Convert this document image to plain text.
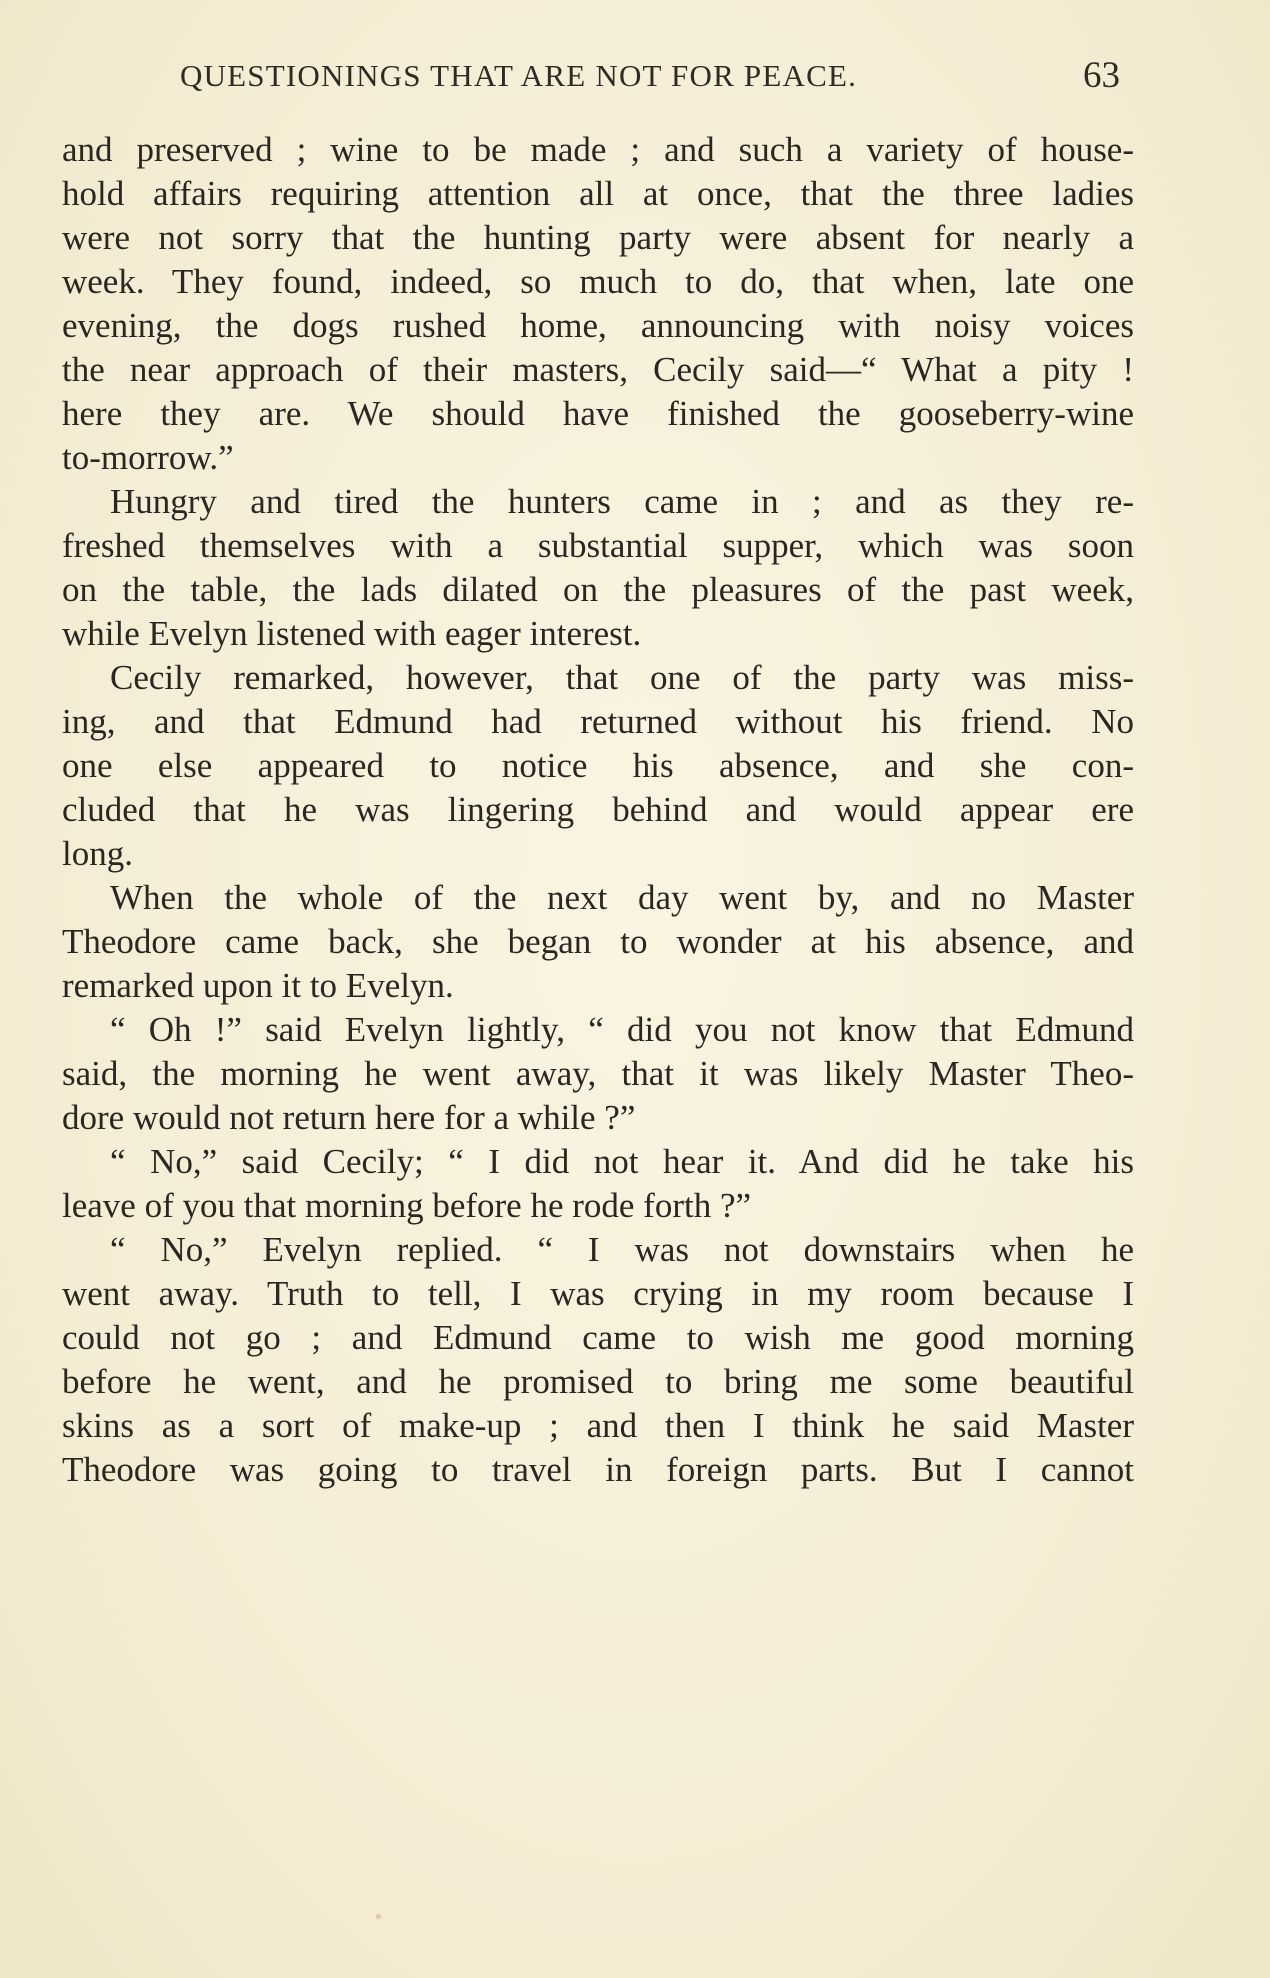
QUESTIONINGS THAT ARE NOT FOR PEACE.	63
and preserved ; wine to be made ; and such a variety of house-
hold affairs requiring attention all at once, that the three ladies
were not sorry that the hunting party were absent for nearly a
week. They found, indeed, so much to do, that when, late one
evening, the dogs rushed home, announcing with noisy voices
the near approach of their masters, Cecily said—“ What a pity !
here they are. We should have finished the gooseberry-wine
to-morrow.”
Hungry and tired the hunters came in ; and as they re-
freshed themselves with a substantial supper, which was soon
on the table, the lads dilated on the pleasures of the past week,
while Evelyn listened with eager interest.
Cecily remarked, however, that one of the party was miss-
ing, and that Edmund had returned without his friend. No
one else appeared to notice his absence, and she con-
cluded that he was lingering behind and would appear ere
long.
When the whole of the next day went by, and no Master
Theodore came back, she began to wonder at his absence, and
remarked upon it to Evelyn.
“ Oh !” said Evelyn lightly, “ did you not know that Edmund
said, the morning he went away, that it was likely Master Theo-
dore would not return here for a while ?”
“ No,” said Cecily; “ I did not hear it. And did he take his
leave of you that morning before he rode forth ?”
“ No,” Evelyn replied. “ I was not downstairs when he
went away. Truth to tell, I was crying in my room because I
could not go ; and Edmund came to wish me good morning
before he went, and he promised to bring me some beautiful
skins as a sort of make-up ; and then I think he said Master
Theodore was going to travel in foreign parts. But I cannot
